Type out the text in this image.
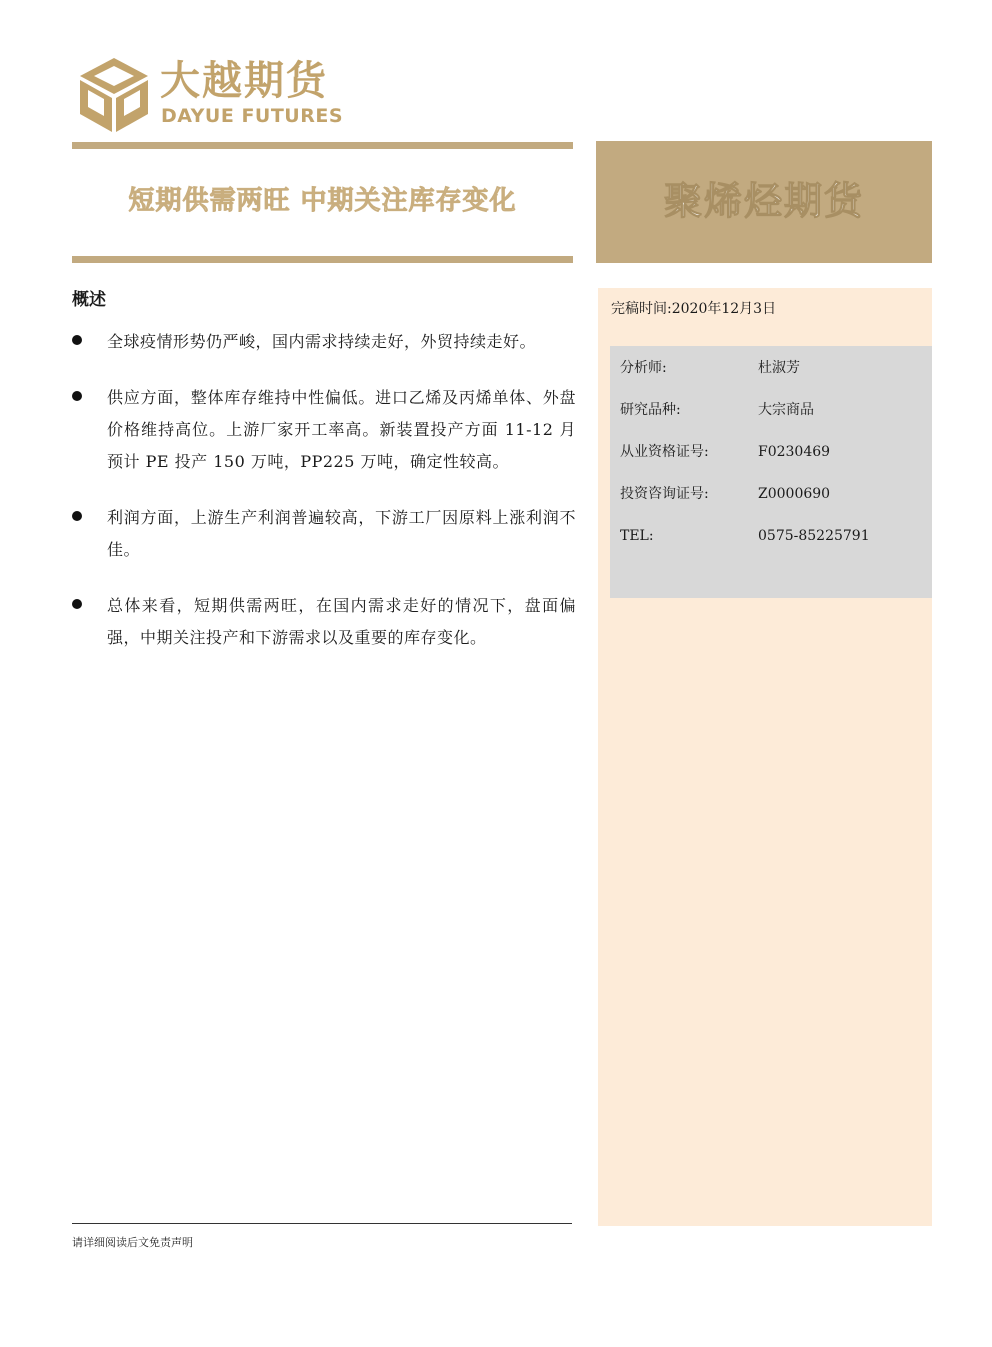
大越期货
DAYUE FUTURES
短期供需两旺 中期关注库存变化	聚烯烃期货
概述
全球疫情形势仍严峻，国内需求持续走好，外贸持续走好。
供应方面，整体库存维持中性偏低。进口乙烯及丙烯单体、外盘价格维持高位。上游厂家开工率高。新装置投产方面 11-12 月预计 PE 投产 150 万吨，PP225 万吨，确定性较高。
利润方面，上游生产利润普遍较高，下游工厂因原料上涨利润不佳。
总体来看，短期供需两旺，在国内需求走好的情况下，盘面偏强，中期关注投产和下游需求以及重要的库存变化。
完稿时间:2020年12月3日
分析师:	杜淑芳
研究品种:	大宗商品
从业资格证号:	F0230469
投资咨询证号:	Z0000690
TEL:	0575-85225791
请详细阅读后文免责声明
